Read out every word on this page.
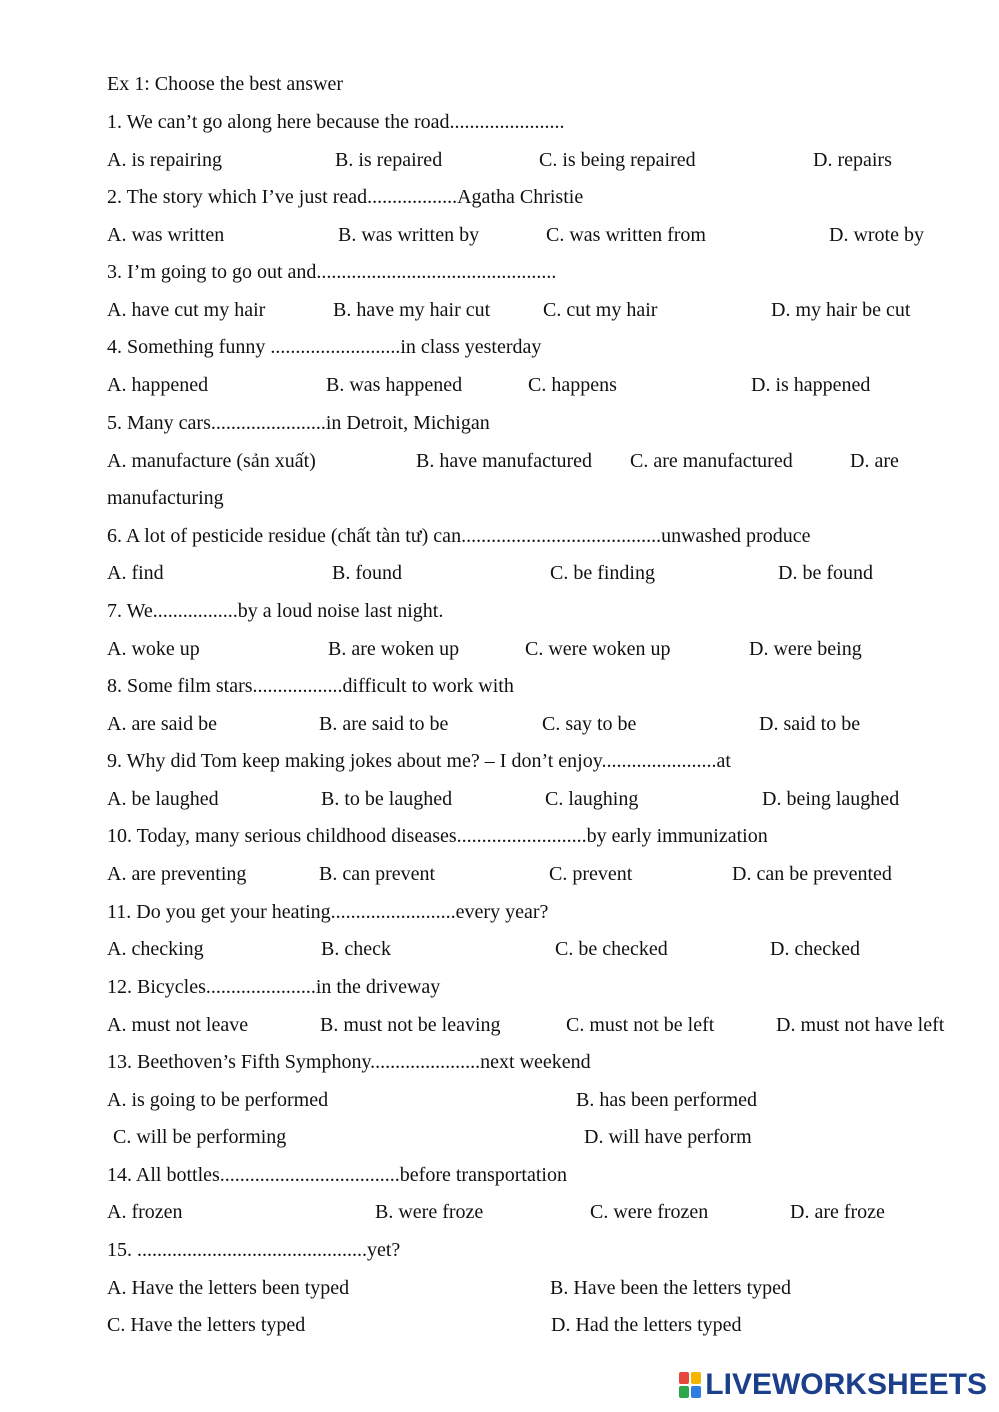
Ex 1: Choose the best answer
1. We can’t go along here because the road.......................
A. is repairing	B. is repaired	C. is being repaired	D. repairs
2. The story which I’ve just read..................Agatha Christie
A. was written	B. was written by	C. was written from	D. wrote by
3. I’m going to go out and................................................
A. have cut my hair	B. have my hair cut	C. cut my hair	D. my hair be cut
4. Something funny ..........................in class yesterday
A. happened	B. was happened	C. happens	D. is happened
5. Many cars.......................in Detroit, Michigan
A. manufacture (sản xuất)	B. have manufactured C. are manufactured	D. are
manufacturing
6. A lot of pesticide residue (chất tàn tư) can........................................unwashed produce
A. find	B. found	C. be finding	D. be found
7. We.................by a loud noise last night.
A. woke up	B. are woken up	C. were woken up	D. were being
8. Some film stars..................difficult to work with
A. are said be	B. are said to be	C. say to be	D. said to be
9. Why did Tom keep making jokes about me? – I don’t enjoy.......................at
A. be laughed	B. to be laughed	C. laughing	D. being laughed
10. Today, many serious childhood diseases..........................by early immunization
A. are preventing	B. can prevent	C. prevent	D. can be prevented
11. Do you get your heating.........................every year?
A. checking	B. check	C. be checked	D. checked
12. Bicycles......................in the driveway
A. must not leave	B. must not be leaving	C. must not be left	D. must not have left
13. Beethoven’s Fifth Symphony......................next weekend
A. is going to be performed	B. has been performed
C. will be performing	D. will have perform
14. All bottles....................................before transportation
A. frozen	B. were froze	C. were frozen	D. are froze
15. ..............................................yet?
A. Have the letters been typed	B. Have been the letters typed
C. Have the letters typed	D. Had the letters typed
LIVEWORKSHEETS
